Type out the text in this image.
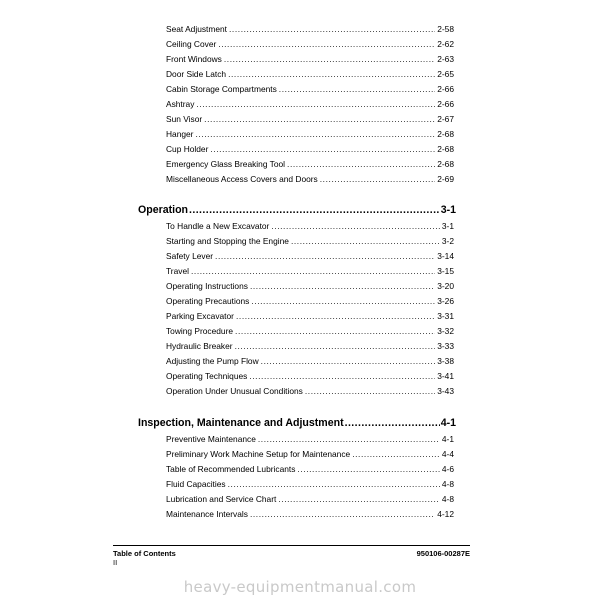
Seat Adjustment .....	2-58
Ceiling Cover .....	2-62
Front Windows .....	2-63
Door Side Latch .....	2-65
Cabin Storage Compartments .....	2-66
Ashtray .....	2-66
Sun Visor .....	2-67
Hanger .....	2-68
Cup Holder .....	2-68
Emergency Glass Breaking Tool .....	2-68
Miscellaneous Access Covers and Doors .....	2-69
Operation .....	3-1
To Handle a New Excavator .....	3-1
Starting and Stopping the Engine .....	3-2
Safety Lever .....	3-14
Travel .....	3-15
Operating Instructions .....	3-20
Operating Precautions .....	3-26
Parking Excavator .....	3-31
Towing Procedure .....	3-32
Hydraulic Breaker .....	3-33
Adjusting the Pump Flow .....	3-38
Operating Techniques .....	3-41
Operation Under Unusual Conditions .....	3-43
Inspection, Maintenance and Adjustment .....	4-1
Preventive Maintenance .....	4-1
Preliminary Work Machine Setup for Maintenance .....	4-4
Table of Recommended Lubricants .....	4-6
Fluid Capacities .....	4-8
Lubrication and Service Chart .....	4-8
Maintenance Intervals .....	4-12
Table of Contents	950106-00287E
II
heavy-equipmentmanual.com
